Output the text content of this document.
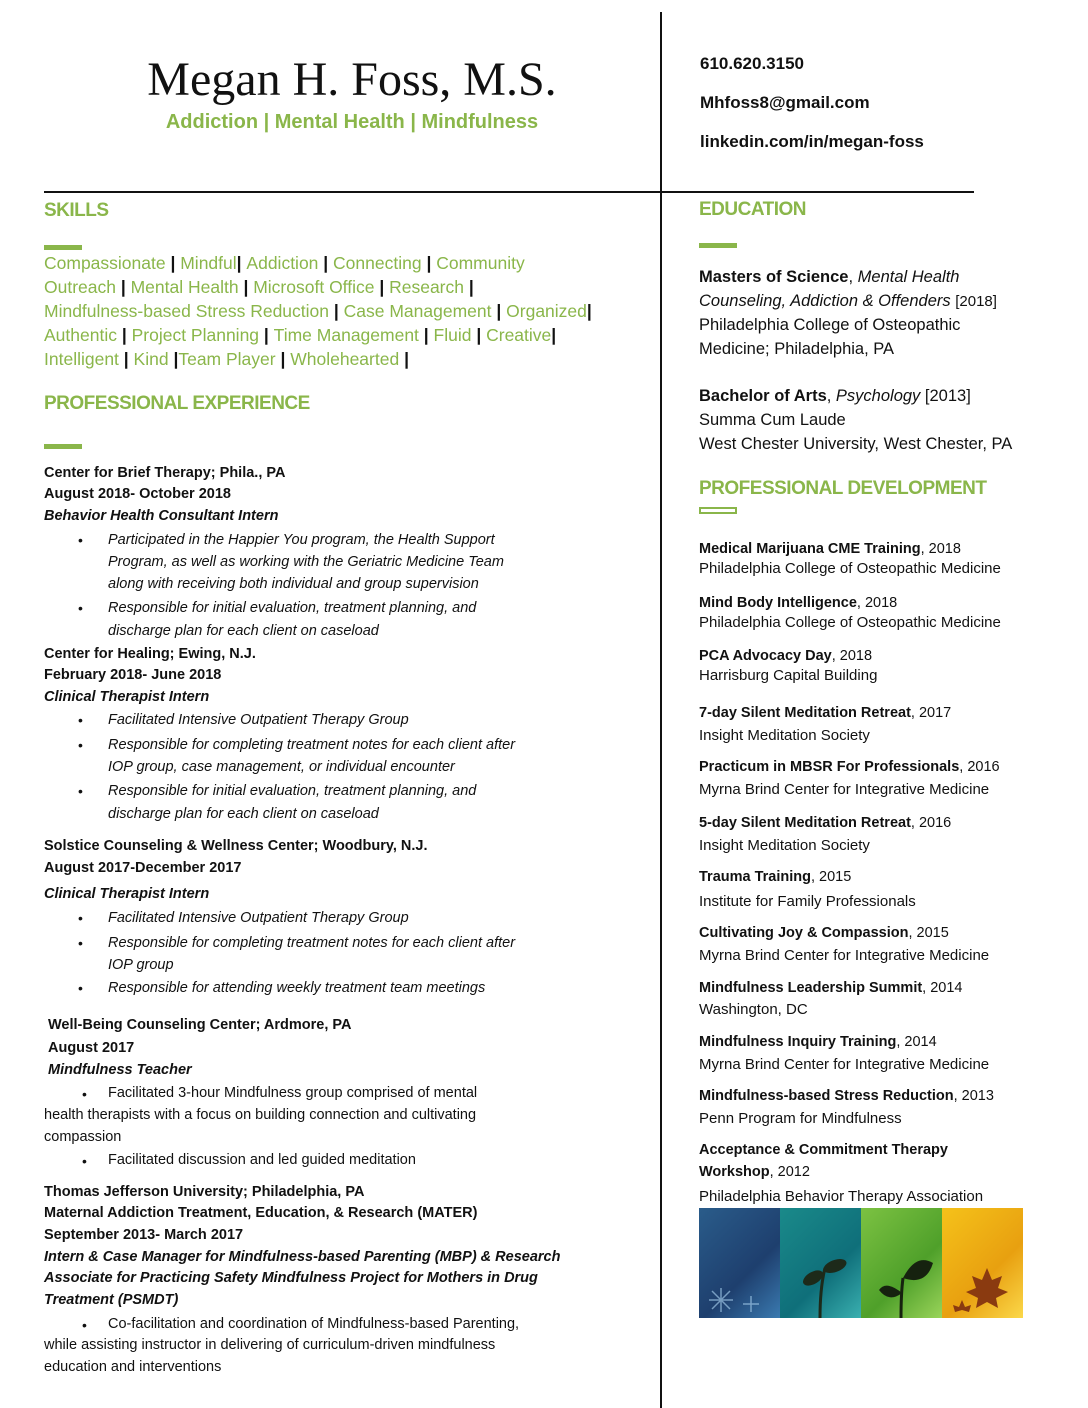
Megan H. Foss, M.S.
Addiction | Mental Health | Mindfulness
610.620.3150
Mhfoss8@gmail.com
linkedin.com/in/megan-foss
SKILLS
Compassionate | Mindful| Addiction | Connecting | Community
Outreach | Mental Health | Microsoft Office | Research |
Mindfulness-based Stress Reduction | Case Management | Organized|
Authentic | Project Planning | Time Management | Fluid | Creative|
Intelligent | Kind |Team Player | Wholehearted |
PROFESSIONAL EXPERIENCE
Center for Brief Therapy; Phila., PA
August 2018- October 2018
Behavior Health Consultant Intern
• Participated in the Happier You program, the Health Support
Program, as well as working with the Geriatric Medicine Team
along with receiving both individual and group supervision
• Responsible for initial evaluation, treatment planning, and
discharge plan for each client on caseload
Center for Healing; Ewing, N.J.
February 2018- June 2018
Clinical Therapist Intern
• Facilitated Intensive Outpatient Therapy Group
• Responsible for completing treatment notes for each client after
IOP group, case management, or individual encounter
• Responsible for initial evaluation, treatment planning, and
discharge plan for each client on caseload
Solstice Counseling & Wellness Center; Woodbury, N.J.
August 2017-December 2017
Clinical Therapist Intern
• Facilitated Intensive Outpatient Therapy Group
• Responsible for completing treatment notes for each client after
IOP group
• Responsible for attending weekly treatment team meetings
Well-Being Counseling Center; Ardmore, PA
August 2017
Mindfulness Teacher
• Facilitated 3-hour Mindfulness group comprised of mental
health therapists with a focus on building connection and cultivating
compassion
• Facilitated discussion and led guided meditation
Thomas Jefferson University; Philadelphia, PA
Maternal Addiction Treatment, Education, & Research (MATER)
September 2013- March 2017
Intern & Case Manager for Mindfulness-based Parenting (MBP) & Research
Associate for Practicing Safety Mindfulness Project for Mothers in Drug
Treatment (PSMDT)
• Co-facilitation and coordination of Mindfulness-based Parenting,
while assisting instructor in delivering of curriculum-driven mindfulness
education and interventions
EDUCATION
Masters of Science, Mental Health
Counseling, Addiction & Offenders [2018]
Philadelphia College of Osteopathic
Medicine; Philadelphia, PA
Bachelor of Arts, Psychology [2013]
Summa Cum Laude
West Chester University, West Chester, PA
PROFESSIONAL DEVELOPMENT
Medical Marijuana CME Training, 2018
Philadelphia College of Osteopathic Medicine
Mind Body Intelligence, 2018
Philadelphia College of Osteopathic Medicine
PCA Advocacy Day, 2018
Harrisburg Capital Building
7-day Silent Meditation Retreat, 2017
Insight Meditation Society
Practicum in MBSR For Professionals, 2016
Myrna Brind Center for Integrative Medicine
5-day Silent Meditation Retreat, 2016
Insight Meditation Society
Trauma Training, 2015
Institute for Family Professionals
Cultivating Joy & Compassion, 2015
Myrna Brind Center for Integrative Medicine
Mindfulness Leadership Summit, 2014
Washington, DC
Mindfulness Inquiry Training, 2014
Myrna Brind Center for Integrative Medicine
Mindfulness-based Stress Reduction, 2013
Penn Program for Mindfulness
Acceptance & Commitment Therapy
Workshop, 2012
Philadelphia Behavior Therapy Association
